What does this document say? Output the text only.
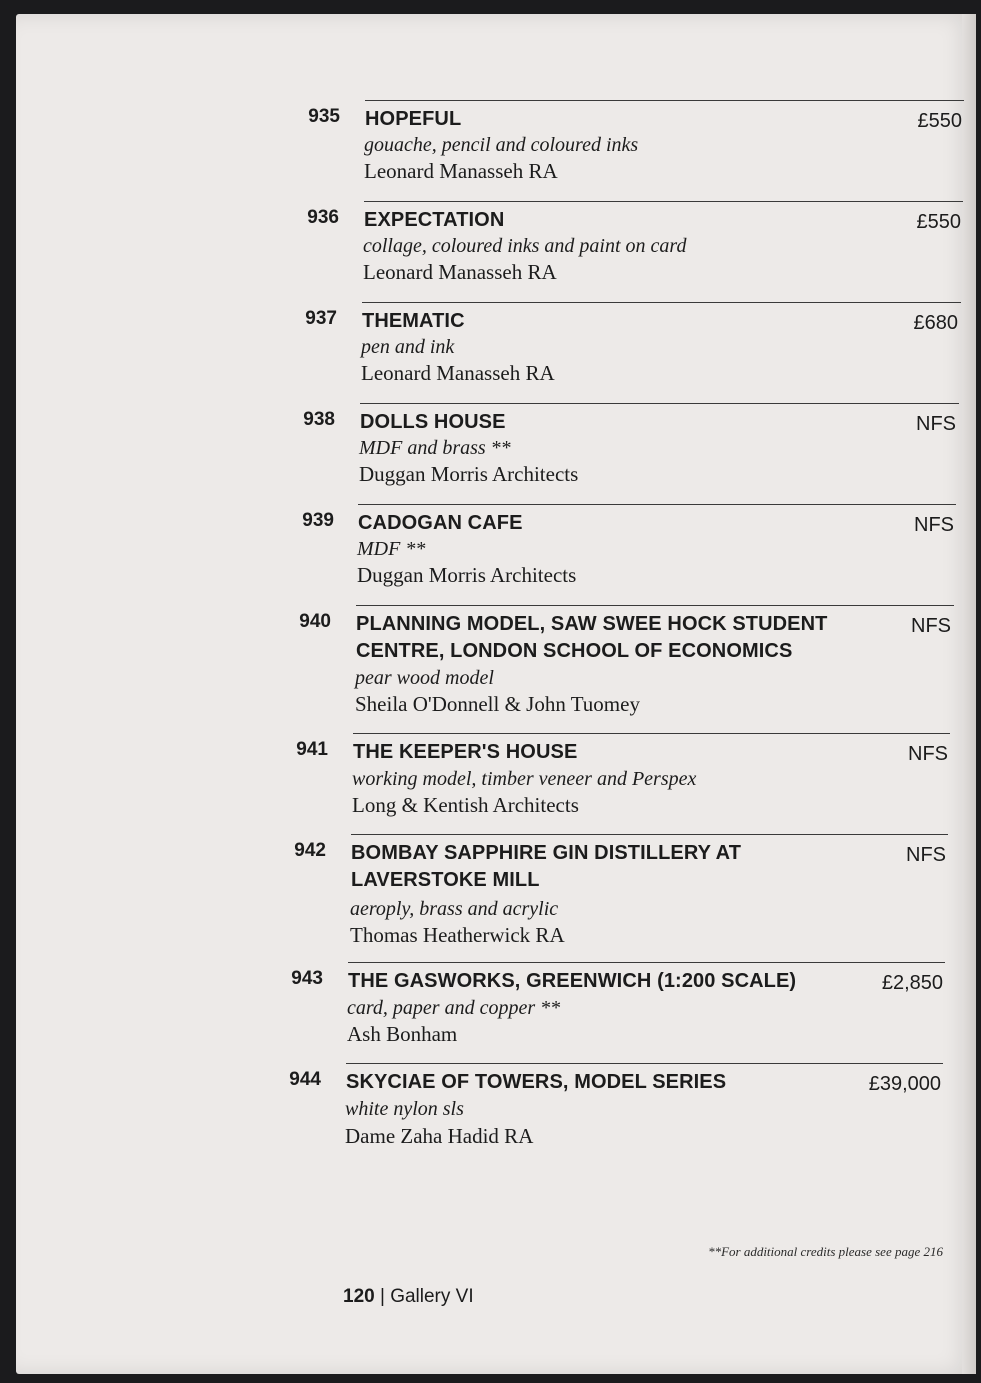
935 HOPEFUL
gouache, pencil and coloured inks
Leonard Manasseh RA
£550
936 EXPECTATION
collage, coloured inks and paint on card
Leonard Manasseh RA
£550
937 THEMATIC
pen and ink
Leonard Manasseh RA
£680
938 DOLLS HOUSE
MDF and brass **
Duggan Morris Architects
NFS
939 CADOGAN CAFE
MDF **
Duggan Morris Architects
NFS
940 PLANNING MODEL, SAW SWEE HOCK STUDENT CENTRE, LONDON SCHOOL OF ECONOMICS
pear wood model
Sheila O'Donnell & John Tuomey
NFS
941 THE KEEPER'S HOUSE
working model, timber veneer and Perspex
Long & Kentish Architects
NFS
942 BOMBAY SAPPHIRE GIN DISTILLERY AT LAVERSTOKE MILL
aeroply, brass and acrylic
Thomas Heatherwick RA
NFS
943 THE GASWORKS, GREENWICH (1:200 SCALE)
card, paper and copper **
Ash Bonham
£2,850
944 SKYCIAE OF TOWERS, MODEL SERIES
white nylon sls
Dame Zaha Hadid RA
£39,000
**For additional credits please see page 216
120 | Gallery VI
